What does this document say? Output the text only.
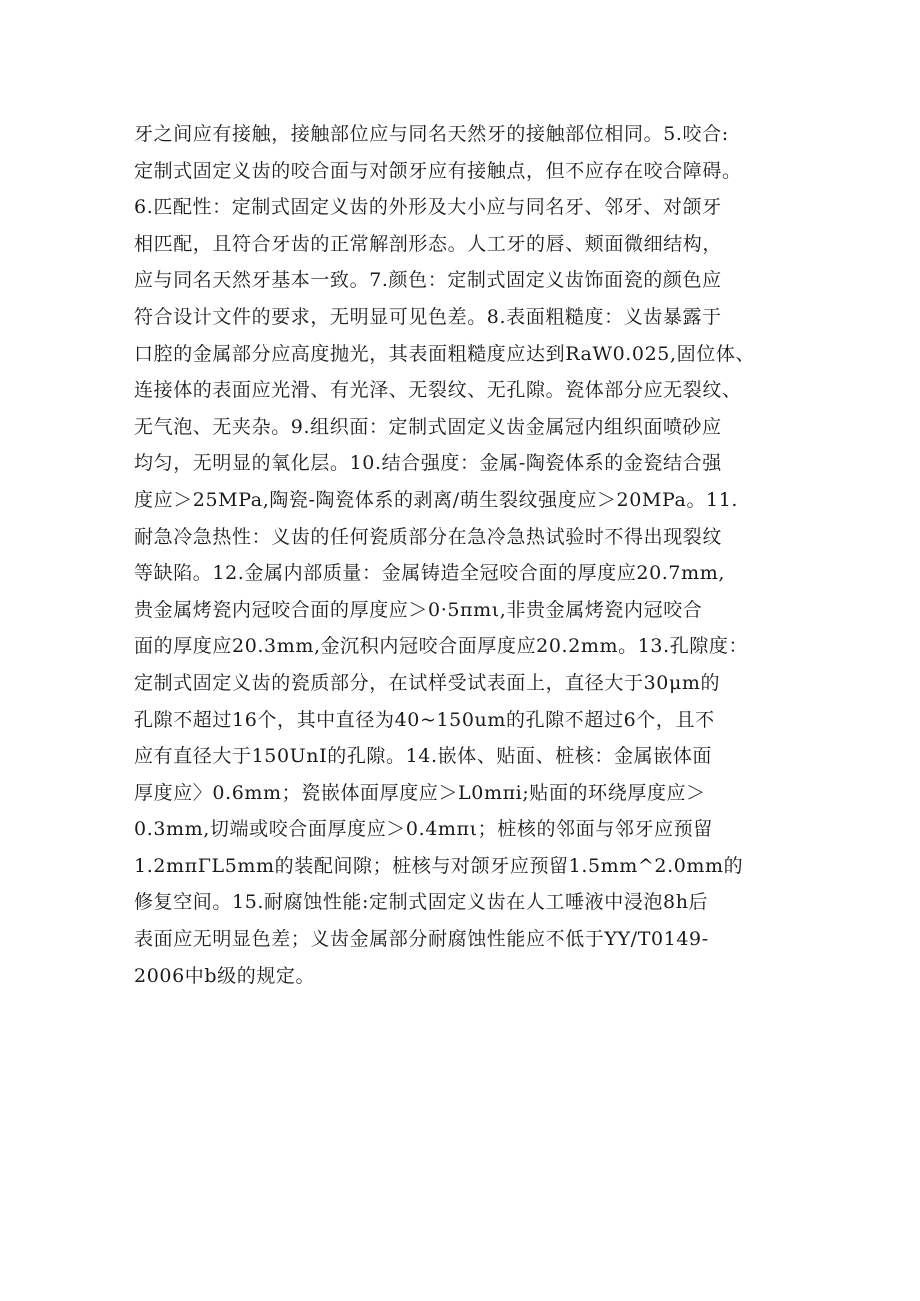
牙之间应有接触，接触部位应与同名天然牙的接触部位相同。5.咬合:
定制式固定义齿的咬合面与对颌牙应有接触点，但不应存在咬合障碍。
6.匹配性：定制式固定义齿的外形及大小应与同名牙、邻牙、对颌牙
相匹配，且符合牙齿的正常解剖形态。人工牙的唇、颊面微细结构，
应与同名天然牙基本一致。7.颜色：定制式固定义齿饰面瓷的颜色应
符合设计文件的要求，无明显可见色差。8.表面粗糙度：义齿暴露于
口腔的金属部分应高度抛光，其表面粗糙度应达到RaW0.025,固位体、
连接体的表面应光滑、有光泽、无裂纹、无孔隙。瓷体部分应无裂纹、
无气泡、无夹杂。9.组织面：定制式固定义齿金属冠内组织面喷砂应
均匀，无明显的氧化层。10.结合强度：金属-陶瓷体系的金瓷结合强
度应＞25MPa,陶瓷-陶瓷体系的剥离/萌生裂纹强度应＞20MPa。11.
耐急冷急热性：义齿的任何瓷质部分在急冷急热试验时不得出现裂纹
等缺陷。12.金属内部质量：金属铸造全冠咬合面的厚度应20.7mm,
贵金属烤瓷内冠咬合面的厚度应＞0·5πmι,非贵金属烤瓷内冠咬合
面的厚度应20.3mm,金沉积内冠咬合面厚度应20.2mm。13.孔隙度：
定制式固定义齿的瓷质部分，在试样受试表面上，直径大于30μm的
孔隙不超过16个，其中直径为40~150um的孔隙不超过6个，且不
应有直径大于150UnI的孔隙。14.嵌体、贴面、桩核：金属嵌体面
厚度应〉0.6mm；瓷嵌体面厚度应＞L0mπi;贴面的环绕厚度应＞
0.3mm,切端或咬合面厚度应＞0.4mπι；桩核的邻面与邻牙应预留
1.2mπΓL5mm的装配间隙；桩核与对颌牙应预留1.5mm^2.0mm的
修复空间。15.耐腐蚀性能:定制式固定义齿在人工唾液中浸泡8h后
表面应无明显色差；义齿金属部分耐腐蚀性能应不低于YY/T0149-
2006中b级的规定。
